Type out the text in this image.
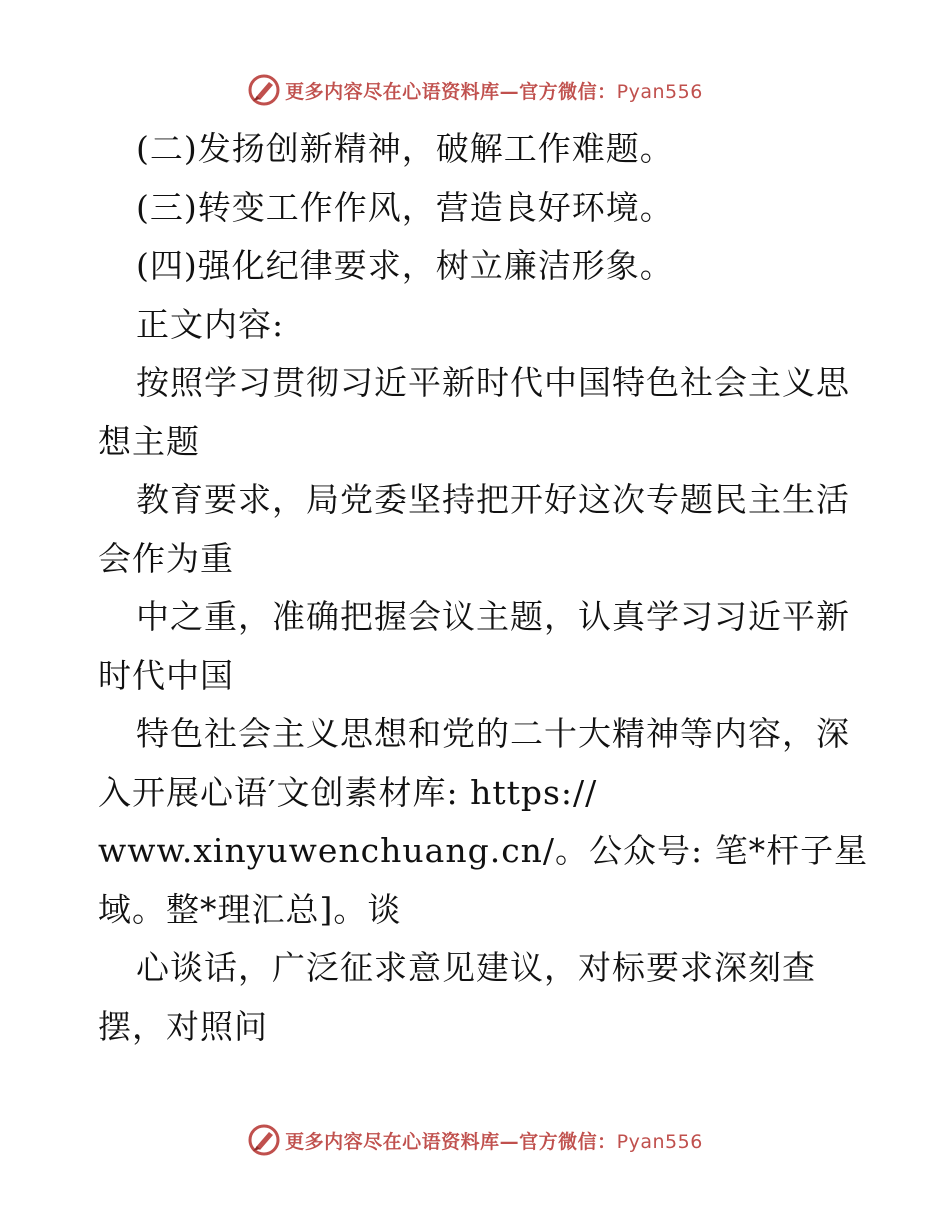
更多内容尽在心语资料库—官方微信：Pyan556
(二)发扬创新精神，破解工作难题。
(三)转变工作作风，营造良好环境。
(四)强化纪律要求，树立廉洁形象。
正文内容:
按照学习贯彻习近平新时代中国特色社会主义思
想主题
教育要求，局党委坚持把开好这次专题民主生活
会作为重
中之重，准确把握会议主题，认真学习习近平新
时代中国
特色社会主义思想和党的二十大精神等内容，深
入开展心语′文创素材库: https://
www.xinyuwenchuang.cn/。公众号: 笔*杆子星
域。整*理汇总]。谈
心谈话，广泛征求意见建议，对标要求深刻查
摆，对照问
更多内容尽在心语资料库—官方微信：Pyan556
